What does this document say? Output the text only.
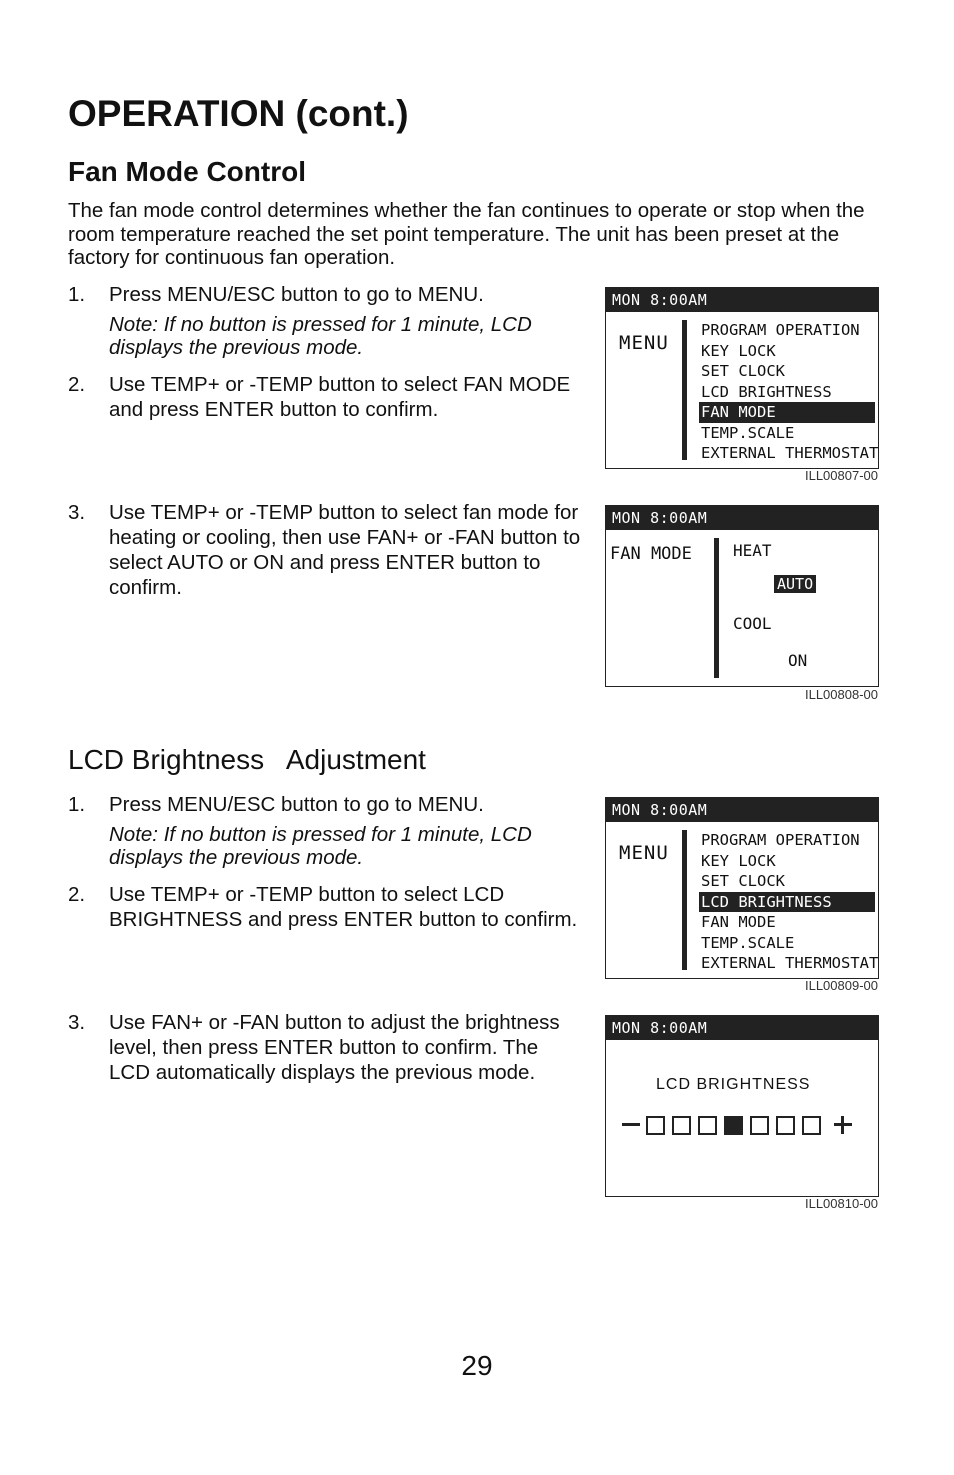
OPERATION (cont.)
Fan Mode Control

The fan mode control determines whether the fan continues to operate or stop when the room temperature reached the set point temperature. The unit has been preset at the factory for continuous fan operation.

1. Press MENU/ESC button to go to MENU.
Note: If no button is pressed for 1 minute, LCD displays the previous mode.
2. Use TEMP+ or -TEMP button to select FAN MODE and press ENTER button to confirm.
3. Use TEMP+ or -TEMP button to select fan mode for heating or cooling, then use FAN+ or -FAN button to select AUTO or ON and press ENTER button to confirm.
MON 8:00AM
MENU
PROGRAM OPERATION
KEY LOCK
SET CLOCK
LCD BRIGHTNESS
FAN MODE
TEMP.SCALE
EXTERNAL THERMOSTAT
ILL00807-00
MON 8:00AM
FAN MODE	HEAT
AUTO
COOL
ON
ILL00808-00
LCD Brightness   Adjustment
1. Press MENU/ESC button to go to MENU.
Note: If no button is pressed for 1 minute, LCD displays the previous mode.
2. Use TEMP+ or -TEMP button to select LCD BRIGHTNESS and press ENTER button to confirm.
3. Use FAN+ or -FAN button to adjust the brightness level, then press ENTER button to confirm. The LCD automatically displays the previous mode.
MON 8:00AM
MENU
PROGRAM OPERATION
KEY LOCK
SET CLOCK
LCD BRIGHTNESS
FAN MODE
TEMP.SCALE
EXTERNAL THERMOSTAT
ILL00809-00
MON 8:00AM
LCD BRIGHTNESS
ILL00810-00
29
